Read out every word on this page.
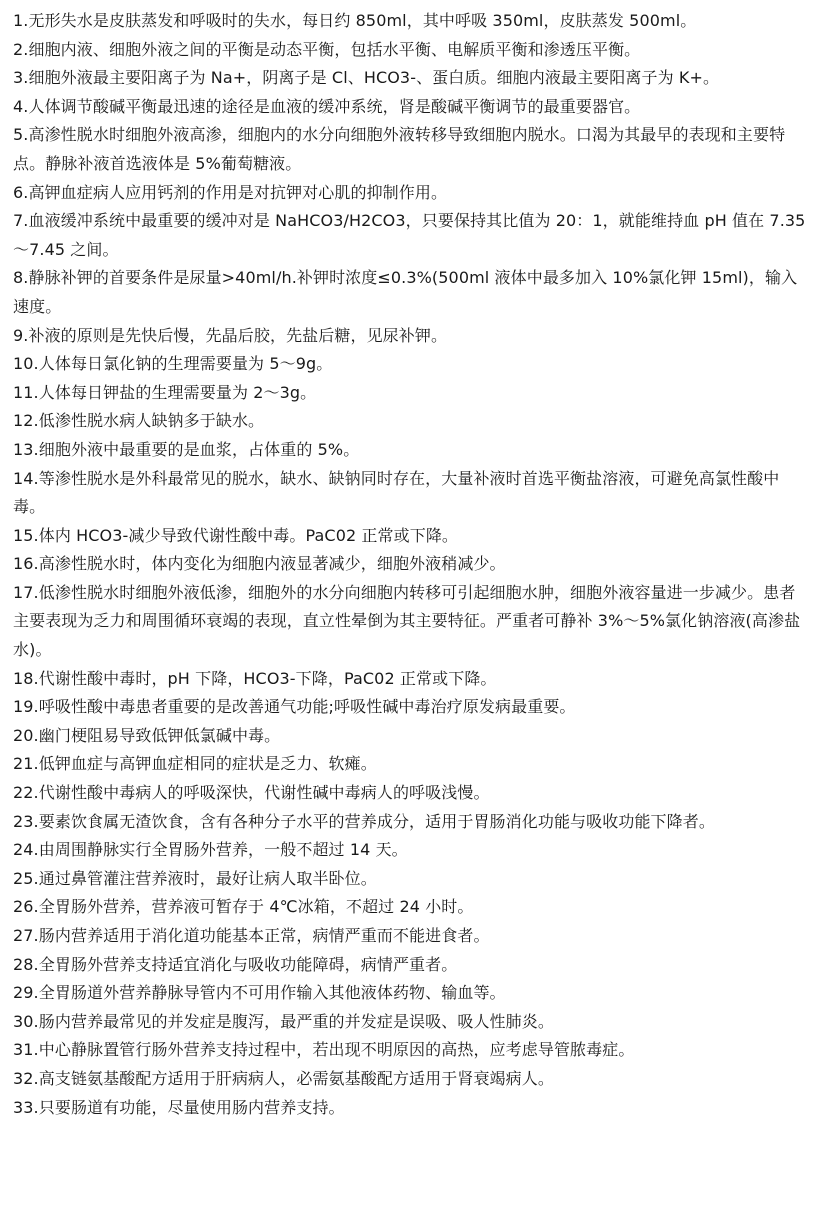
1.无形失水是皮肤蒸发和呼吸时的失水，每日约 850ml，其中呼吸 350ml，皮肤蒸发 500ml。

2.细胞内液、细胞外液之间的平衡是动态平衡，包括水平衡、电解质平衡和渗透压平衡。

3.细胞外液最主要阳离子为 Na+，阴离子是 Cl、HCO3-、蛋白质。细胞内液最主要阳离子为 K+。

4.人体调节酸碱平衡最迅速的途径是血液的缓冲系统，肾是酸碱平衡调节的最重要器官。

5.高渗性脱水时细胞外液高渗，细胞内的水分向细胞外液转移导致细胞内脱水。口渴为其最早的表现和主要特点。静脉补液首选液体是 5%葡萄糖液。

6.高钾血症病人应用钙剂的作用是对抗钾对心肌的抑制作用。

7.血液缓冲系统中最重要的缓冲对是 NaHCO3/H2CO3，只要保持其比值为 20：1，就能维持血 pH 值在 7.35～7.45 之间。

8.静脉补钾的首要条件是尿量>40ml/h.补钾时浓度≤0.3%(500ml 液体中最多加入 10%氯化钾 15ml)，输入速度。

9.补液的原则是先快后慢，先晶后胶，先盐后糖，见尿补钾。

10.人体每日氯化钠的生理需要量为 5～9g。

11.人体每日钾盐的生理需要量为 2～3g。

12.低渗性脱水病人缺钠多于缺水。

13.细胞外液中最重要的是血浆，占体重的 5%。

14.等渗性脱水是外科最常见的脱水，缺水、缺钠同时存在，大量补液时首选平衡盐溶液，可避免高氯性酸中毒。

15.体内 HCO3-减少导致代谢性酸中毒。PaC02 正常或下降。

16.高渗性脱水时，体内变化为细胞内液显著减少，细胞外液稍减少。

17.低渗性脱水时细胞外液低渗，细胞外的水分向细胞内转移可引起细胞水肿，细胞外液容量进一步减少。患者主要表现为乏力和周围循环衰竭的表现，直立性晕倒为其主要特征。严重者可静补 3%～5%氯化钠溶液(高渗盐水)。

18.代谢性酸中毒时，pH 下降，HCO3-下降，PaC02 正常或下降。

19.呼吸性酸中毒患者重要的是改善通气功能;呼吸性碱中毒治疗原发病最重要。

20.幽门梗阻易导致低钾低氯碱中毒。

21.低钾血症与高钾血症相同的症状是乏力、软瘫。

22.代谢性酸中毒病人的呼吸深快，代谢性碱中毒病人的呼吸浅慢。

23.要素饮食属无渣饮食，含有各种分子水平的营养成分，适用于胃肠消化功能与吸收功能下降者。

24.由周围静脉实行全胃肠外营养，一般不超过 14 天。

25.通过鼻管灌注营养液时，最好让病人取半卧位。

26.全胃肠外营养，营养液可暂存于 4℃冰箱，不超过 24 小时。

27.肠内营养适用于消化道功能基本正常，病情严重而不能进食者。

28.全胃肠外营养支持适宜消化与吸收功能障碍，病情严重者。

29.全胃肠道外营养静脉导管内不可用作输入其他液体药物、输血等。

30.肠内营养最常见的并发症是腹泻，最严重的并发症是误吸、吸人性肺炎。

31.中心静脉置管行肠外营养支持过程中，若出现不明原因的高热，应考虑导管脓毒症。

32.高支链氨基酸配方适用于肝病病人，必需氨基酸配方适用于肾衰竭病人。

33.只要肠道有功能，尽量使用肠内营养支持。
